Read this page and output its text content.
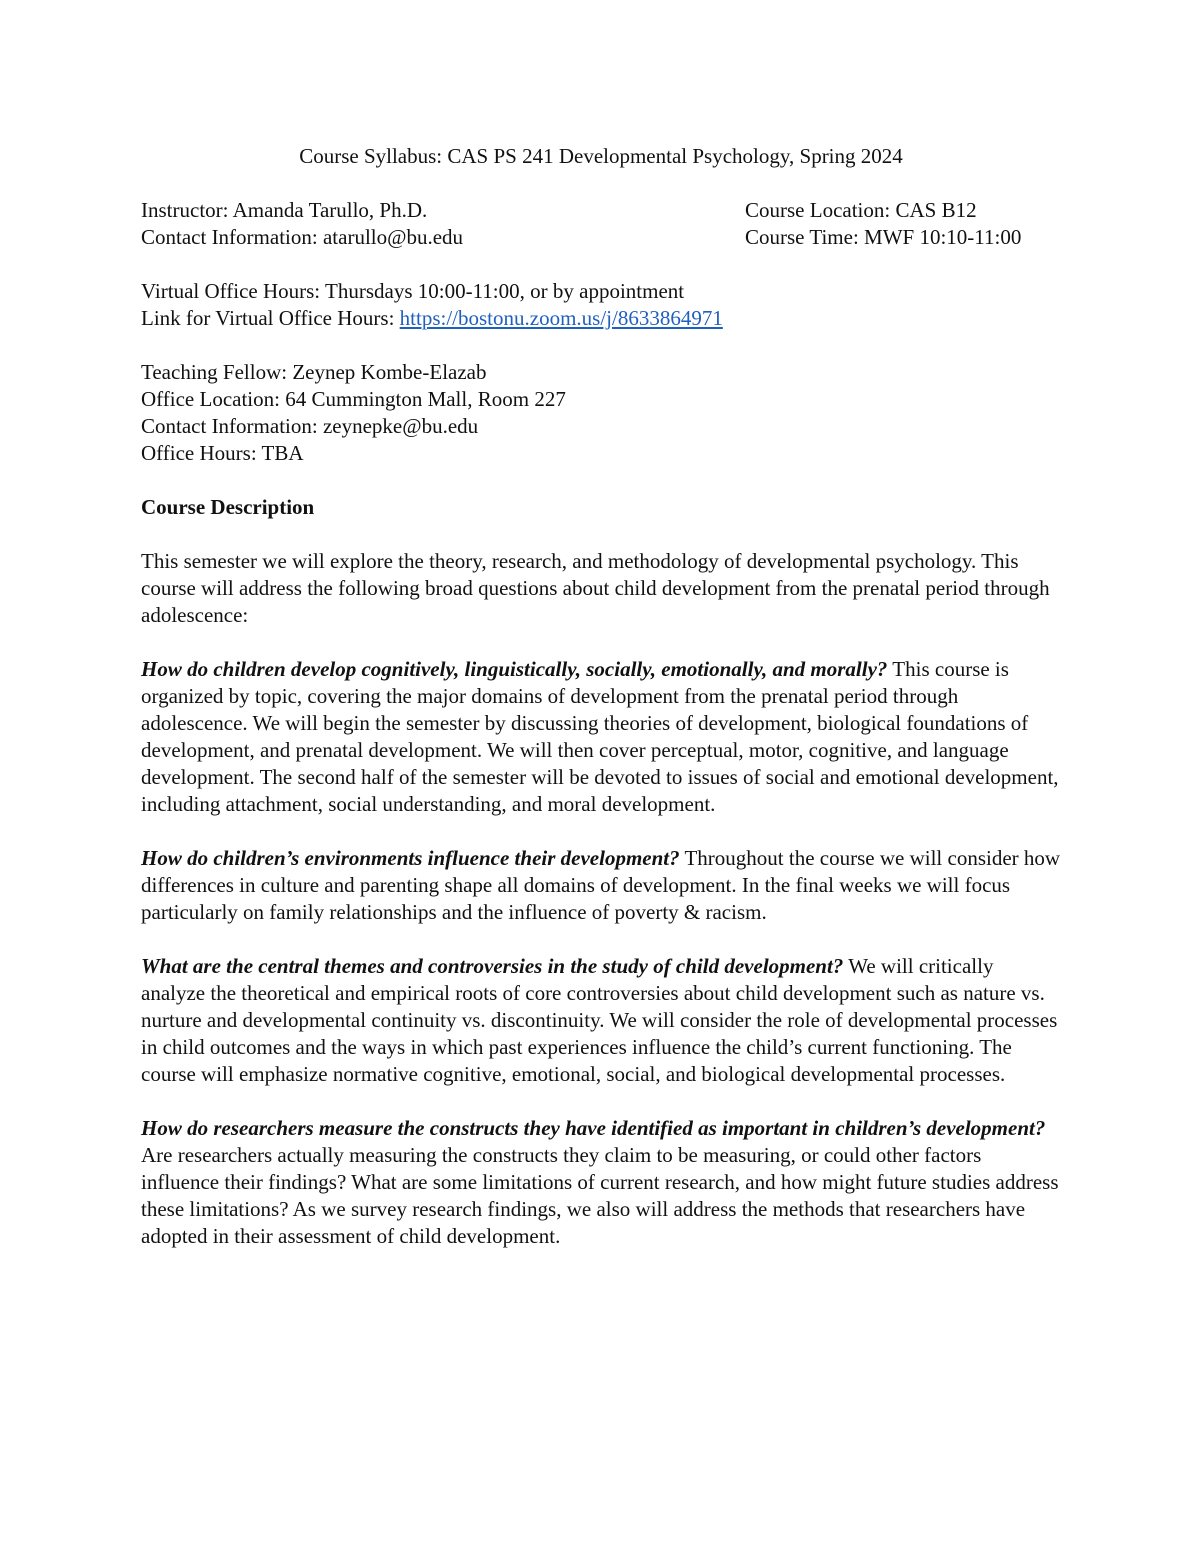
Course Syllabus: CAS PS 241 Developmental Psychology, Spring 2024
Instructor: Amanda Tarullo, Ph.D.
Contact Information: atarullo@bu.edu
Course Location: CAS B12
Course Time: MWF 10:10-11:00
Virtual Office Hours: Thursdays 10:00-11:00, or by appointment
Link for Virtual Office Hours: https://bostonu.zoom.us/j/8633864971
Teaching Fellow: Zeynep Kombe-Elazab
Office Location: 64 Cummington Mall, Room 227
Contact Information: zeynepke@bu.edu
Office Hours: TBA
Course Description

This semester we will explore the theory, research, and methodology of developmental psychology. This course will address the following broad questions about child development from the prenatal period through adolescence:

How do children develop cognitively, linguistically, socially, emotionally, and morally? This course is organized by topic, covering the major domains of development from the prenatal period through adolescence. We will begin the semester by discussing theories of development, biological foundations of development, and prenatal development. We will then cover perceptual, motor, cognitive, and language development. The second half of the semester will be devoted to issues of social and emotional development, including attachment, social understanding, and moral development.

How do children’s environments influence their development? Throughout the course we will consider how differences in culture and parenting shape all domains of development. In the final weeks we will focus particularly on family relationships and the influence of poverty & racism.

What are the central themes and controversies in the study of child development? We will critically analyze the theoretical and empirical roots of core controversies about child development such as nature vs. nurture and developmental continuity vs. discontinuity. We will consider the role of developmental processes in child outcomes and the ways in which past experiences influence the child’s current functioning. The course will emphasize normative cognitive, emotional, social, and biological developmental processes.

How do researchers measure the constructs they have identified as important in children’s development? Are researchers actually measuring the constructs they claim to be measuring, or could other factors influence their findings? What are some limitations of current research, and how might future studies address these limitations? As we survey research findings, we also will address the methods that researchers have adopted in their assessment of child development.
